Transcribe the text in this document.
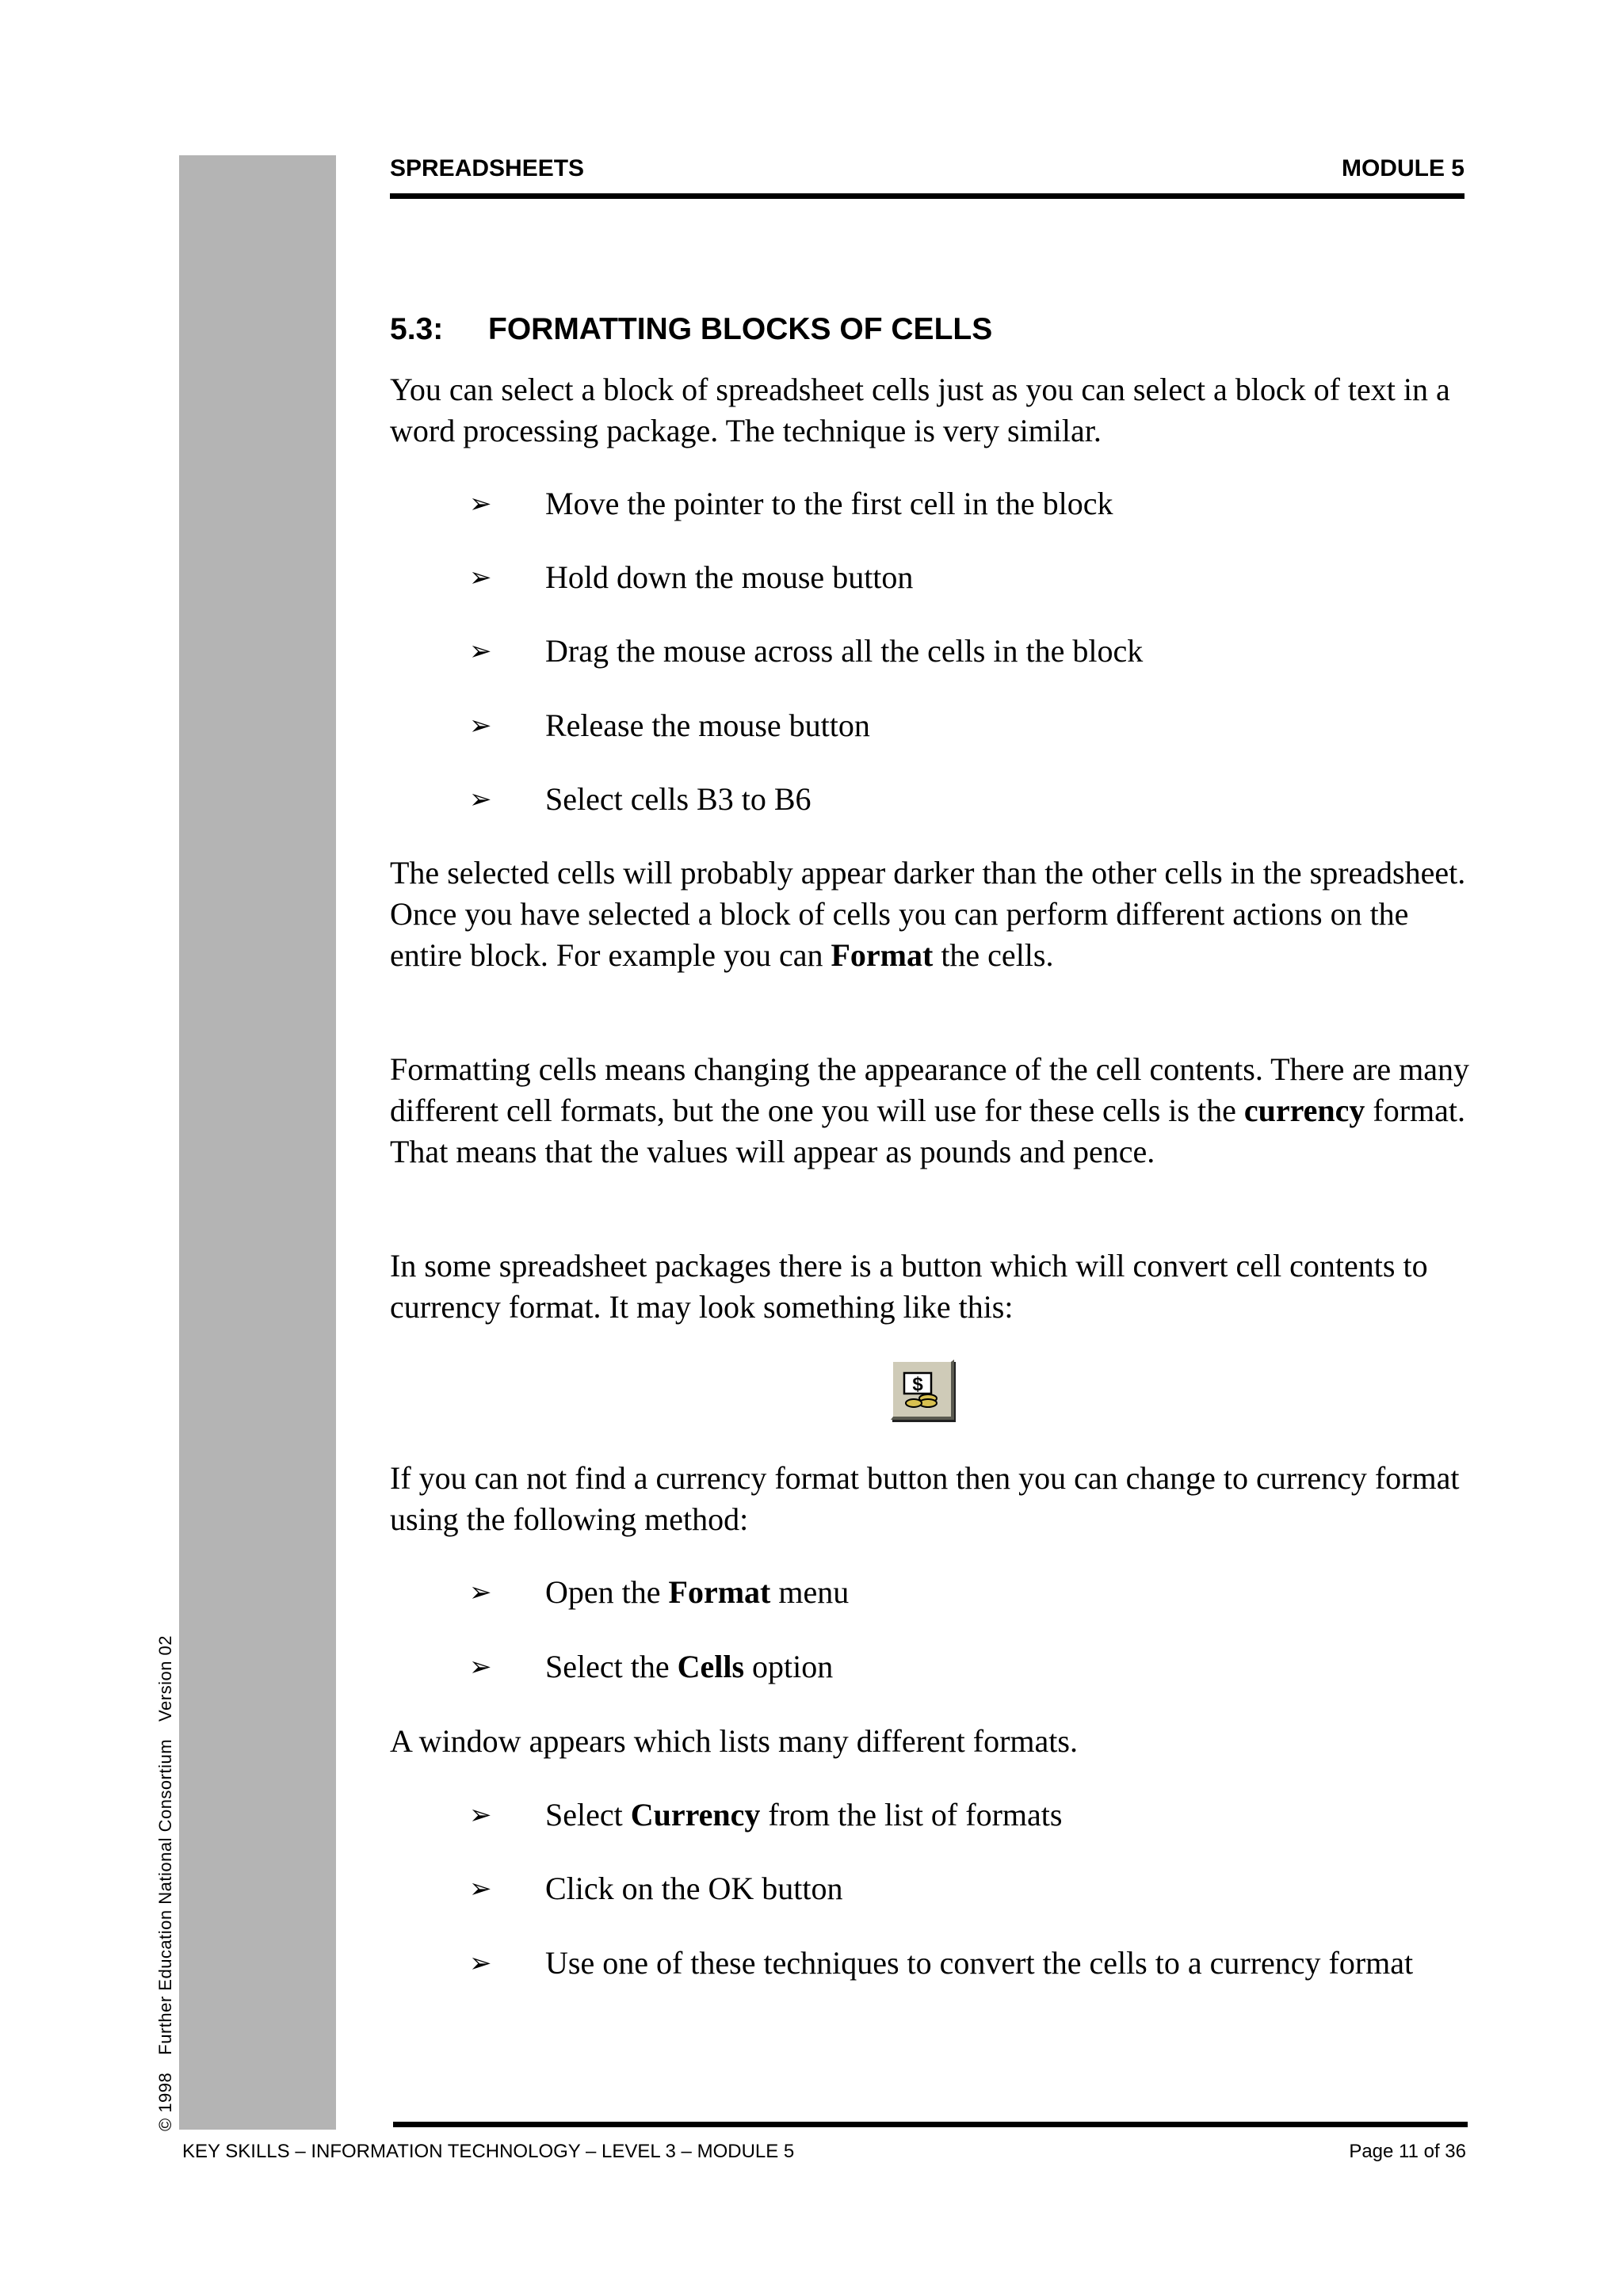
© 1998Further Education National ConsortiumVersion 02
SPREADSHEETS	MODULE 5
5.3: FORMATTING BLOCKS OF CELLS

You can select a block of spreadsheet cells just as you can select a block of text in a word processing package. The technique is very similar.

➢ Move the pointer to the first cell in the block
➢ Hold down the mouse button
➢ Drag the mouse across all the cells in the block
➢ Release the mouse button
➢ Select cells B3 to B6

The selected cells will probably appear darker than the other cells in the spreadsheet. Once you have selected a block of cells you can perform different actions on the entire block. For example you can Format the cells.

Formatting cells means changing the appearance of the cell contents. There are many different cell formats, but the one you will use for these cells is the currency format. That means that the values will appear as pounds and pence.

In some spreadsheet packages there is a button which will convert cell contents to currency format. It may look something like this:

$

If you can not find a currency format button then you can change to currency format using the following method:

➢ Open the Format menu
➢ Select the Cells option

A window appears which lists many different formats.

➢ Select Currency from the list of formats
➢ Click on the OK button
➢ Use one of these techniques to convert the cells to a currency format
KEY SKILLS – INFORMATION TECHNOLOGY – LEVEL 3 – MODULE 5	Page 11 of 36
